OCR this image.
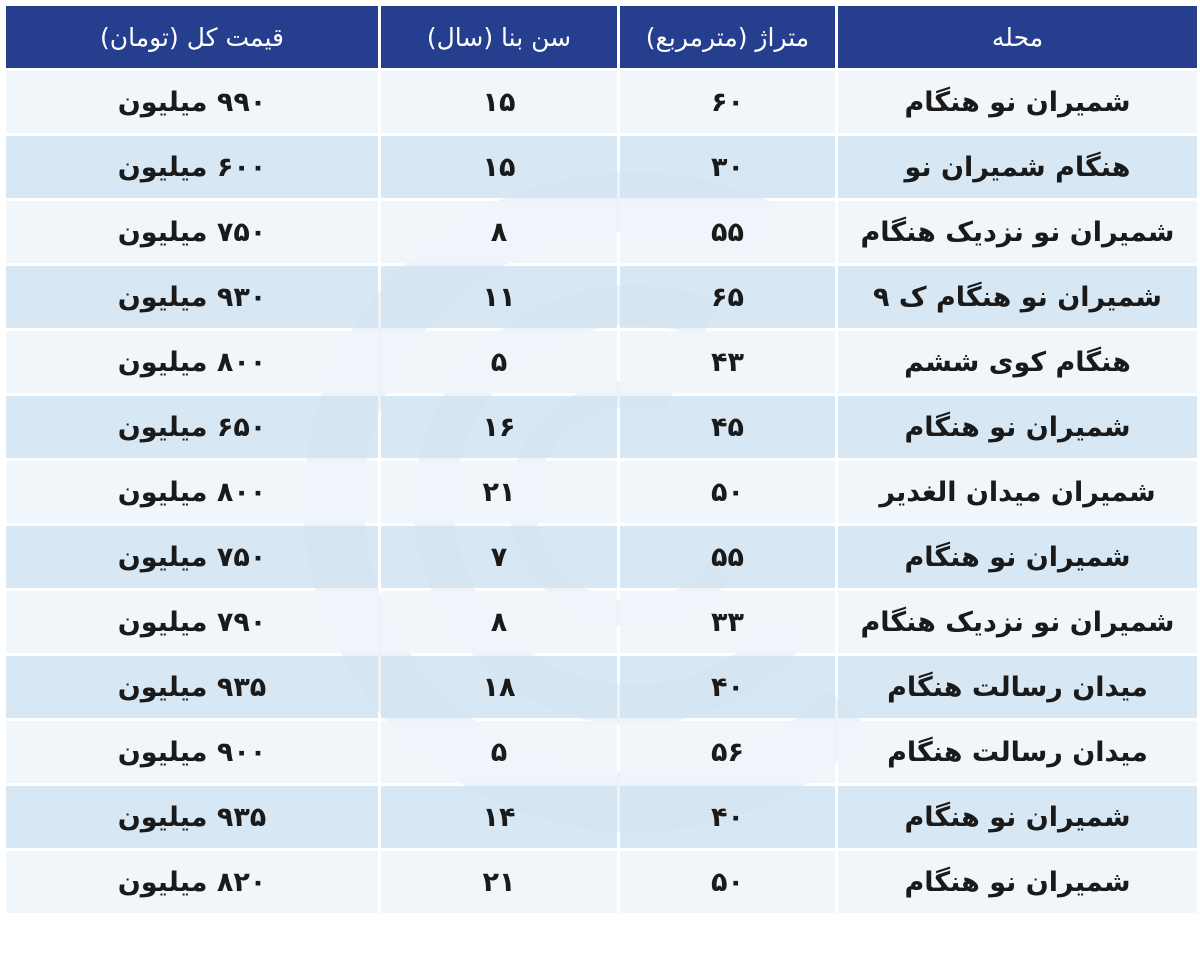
محله	متراژ (مترمربع)	سن بنا (سال)	قیمت کل (تومان)
شمیران نو هنگام	۶۰	۱۵	۹۹۰ میلیون
هنگام شمیران نو	۳۰	۱۵	۶۰۰ میلیون
شمیران نو نزدیک هنگام	۵۵	۸	۷۵۰ میلیون
شمیران نو هنگام ک ۹	۶۵	۱۱	۹۳۰ میلیون
هنگام کوی ششم	۴۳	۵	۸۰۰ میلیون
شمیران نو هنگام	۴۵	۱۶	۶۵۰ میلیون
شمیران میدان الغدیر	۵۰	۲۱	۸۰۰ میلیون
شمیران نو هنگام	۵۵	۷	۷۵۰ میلیون
شمیران نو نزدیک هنگام	۳۳	۸	۷۹۰ میلیون
میدان رسالت هنگام	۴۰	۱۸	۹۳۵ میلیون
میدان رسالت هنگام	۵۶	۵	۹۰۰ میلیون
شمیران نو هنگام	۴۰	۱۴	۹۳۵ میلیون
شمیران نو هنگام	۵۰	۲۱	۸۲۰ میلیون
